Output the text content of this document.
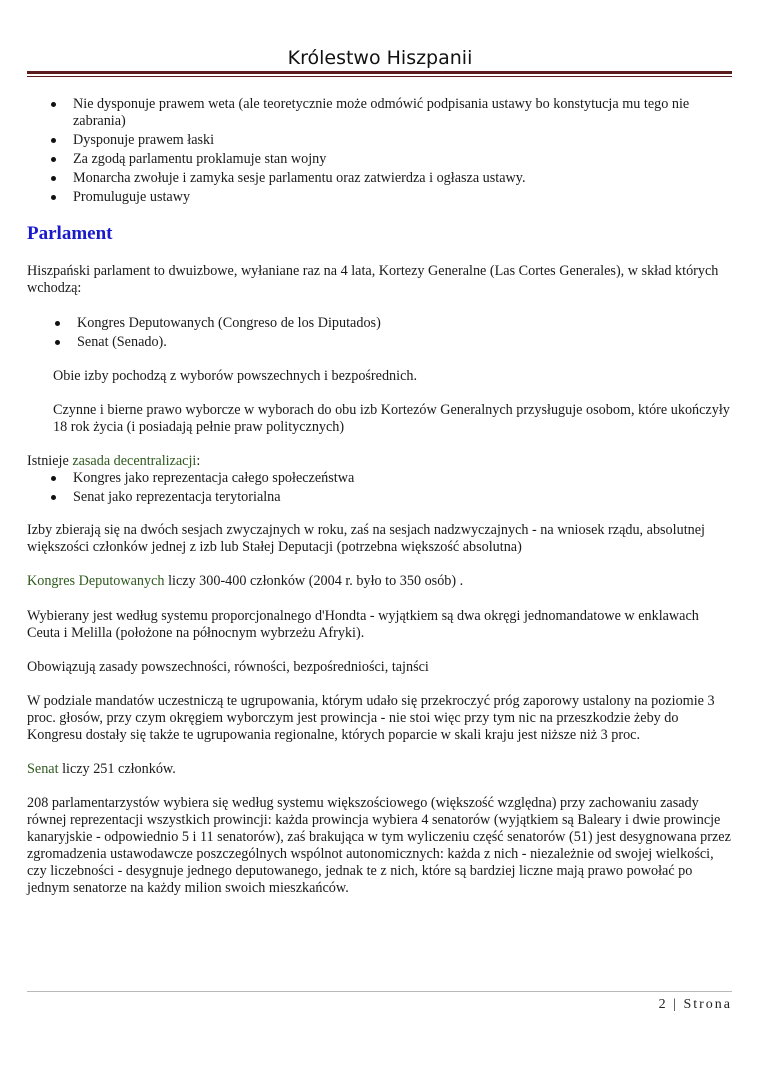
Królestwo Hiszpanii
Nie dysponuje prawem weta (ale teoretycznie może odmówić podpisania ustawy bo konstytucja mu tego nie zabrania)
Dysponuje prawem łaski
Za zgodą parlamentu proklamuje stan wojny
Monarcha zwołuje i zamyka sesje parlamentu oraz zatwierdza i ogłasza ustawy.
Promuluguje ustawy
Parlament

Hiszpański parlament to dwuizbowe, wyłaniane raz na 4 lata, Kortezy Generalne (Las Cortes Generales), w skład których wchodzą:

Kongres Deputowanych (Congreso de los Diputados)
Senat (Senado).

Obie izby pochodzą z wyborów powszechnych i bezpośrednich.

Czynne i bierne prawo wyborcze w wyborach do obu izb Kortezów Generalnych przysługuje osobom, które ukończyły 18 rok życia (i posiadają pełnie praw politycznych)

Istnieje zasada decentralizacji:

Kongres jako reprezentacja całego społeczeństwa
Senat jako reprezentacja terytorialna

Izby zbierają się na dwóch sesjach zwyczajnych w roku, zaś na sesjach nadzwyczajnych - na wniosek rządu, absolutnej większości członków jednej z izb lub Stałej Deputacji (potrzebna większość absolutna)

Kongres Deputowanych liczy 300-400 członków (2004 r. było to 350 osób) .

Wybierany jest według systemu proporcjonalnego d'Hondta - wyjątkiem są dwa okręgi jednomandatowe w enklawach Ceuta i Melilla (położone na północnym wybrzeżu Afryki).

Obowiązują zasady powszechności, równości, bezpośredniości, tajnści

W podziale mandatów uczestniczą te ugrupowania, którym udało się przekroczyć próg zaporowy ustalony na poziomie 3 proc. głosów, przy czym okręgiem wyborczym jest prowincja - nie stoi więc przy tym nic na przeszkodzie żeby do Kongresu dostały się także te ugrupowania regionalne, których poparcie w skali kraju jest niższe niż 3 proc.

Senat liczy 251 członków.

208 parlamentarzystów wybiera się według systemu większościowego (większość względna) przy zachowaniu zasady równej reprezentacji wszystkich prowincji: każda prowincja wybiera 4 senatorów (wyjątkiem są Baleary i dwie prowincje kanaryjskie - odpowiednio 5 i 11 senatorów), zaś brakująca w tym wyliczeniu część senatorów (51) jest desygnowana przez zgromadzenia ustawodawcze poszczególnych wspólnot autonomicznych: każda z nich - niezależnie od swojej wielkości, czy liczebności - desygnuje jednego deputowanego, jednak te z nich, które są bardziej liczne mają prawo powołać po jednym senatorze na każdy milion swoich mieszkańców.

2 | Strona
